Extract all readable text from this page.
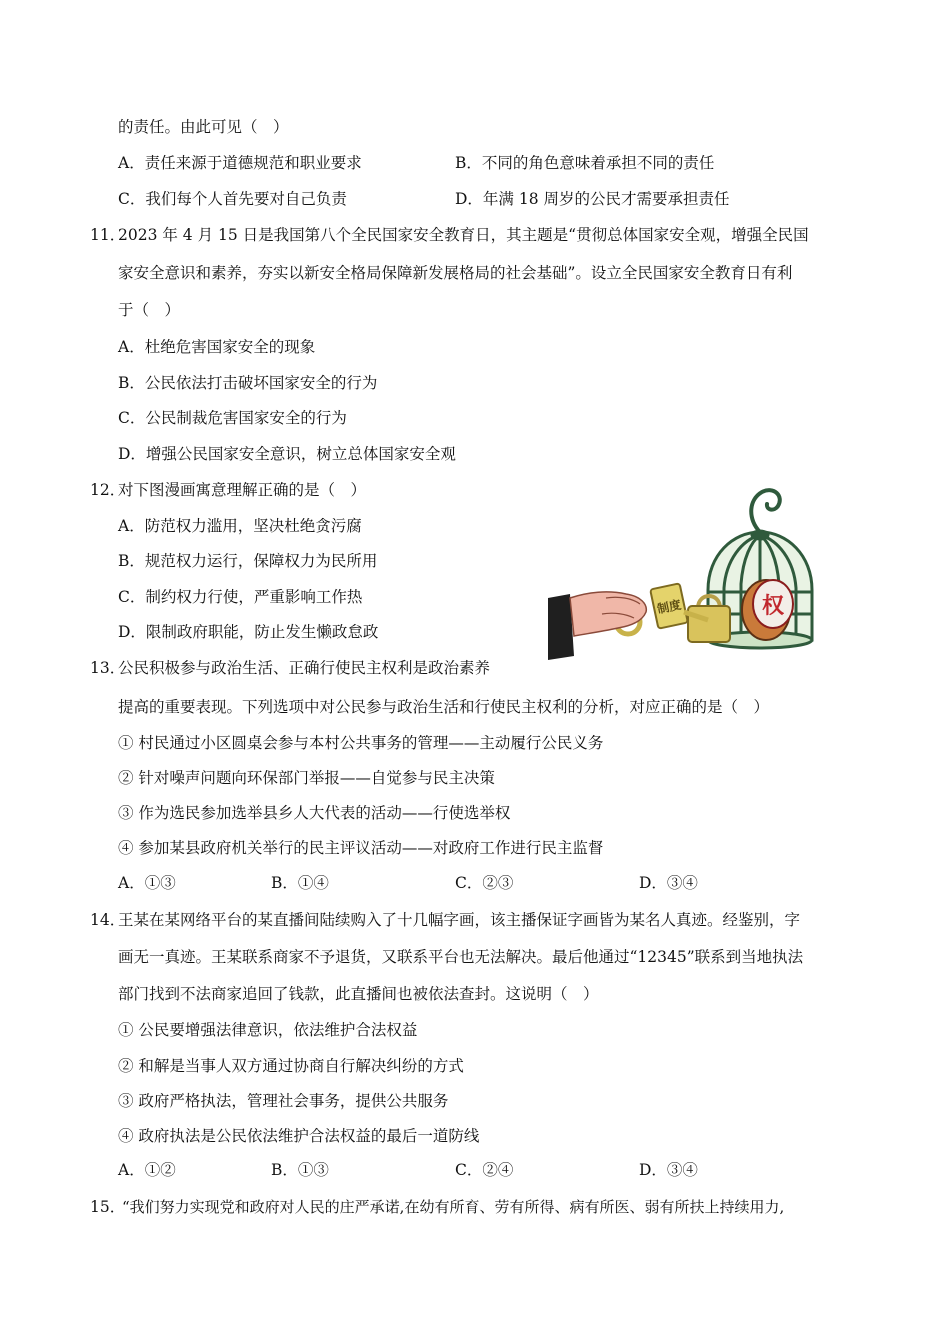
的责任。由此可见（　）
A．责任来源于道德规范和职业要求	B．不同的角色意味着承担不同的责任
C．我们每个人首先要对自己负责	D．年满 18 周岁的公民才需要承担责任
11．
2023 年 4 月 15 日是我国第八个全民国家安全教育日，其主题是“贯彻总体国家安全观，增强全民国
家安全意识和素养，夯实以新安全格局保障新发展格局的社会基础”。设立全民国家安全教育日有利
于（　）
A．杜绝危害国家安全的现象
B．公民依法打击破坏国家安全的行为
C．公民制裁危害国家安全的行为
D．增强公民国家安全意识，树立总体国家安全观
12．
对下图漫画寓意理解正确的是（　）
A．防范权力滥用，坚决杜绝贪污腐
B．规范权力运行，保障权力为民所用
C．制约权力行使，严重影响工作热
D．限制政府职能，防止发生懒政怠政
权
制度
13．
公民积极参与政治生活、正确行使民主权利是政治素养
提高的重要表现。下列选项中对公民参与政治生活和行使民主权利的分析，对应正确的是（　）
① 村民通过小区圆桌会参与本村公共事务的管理——主动履行公民义务
② 针对噪声问题向环保部门举报——自觉参与民主决策
③ 作为选民参加选举县乡人大代表的活动——行使选举权
④ 参加某县政府机关举行的民主评议活动——对政府工作进行民主监督
A．①③	B．①④	C．②③	D．③④
14．
王某在某网络平台的某直播间陆续购入了十几幅字画，该主播保证字画皆为某名人真迹。经鉴别，字
画无一真迹。王某联系商家不予退货，又联系平台也无法解决。最后他通过“12345”联系到当地执法
部门找到不法商家追回了钱款，此直播间也被依法查封。这说明（　）
① 公民要增强法律意识，依法维护合法权益
② 和解是当事人双方通过协商自行解决纠纷的方式
③ 政府严格执法，管理社会事务，提供公共服务
④ 政府执法是公民依法维护合法权益的最后一道防线
A．①②	B．①③	C．②④	D．③④
15．
“我们努力实现党和政府对人民的庄严承诺,在幼有所育、劳有所得、病有所医、弱有所扶上持续用力,
